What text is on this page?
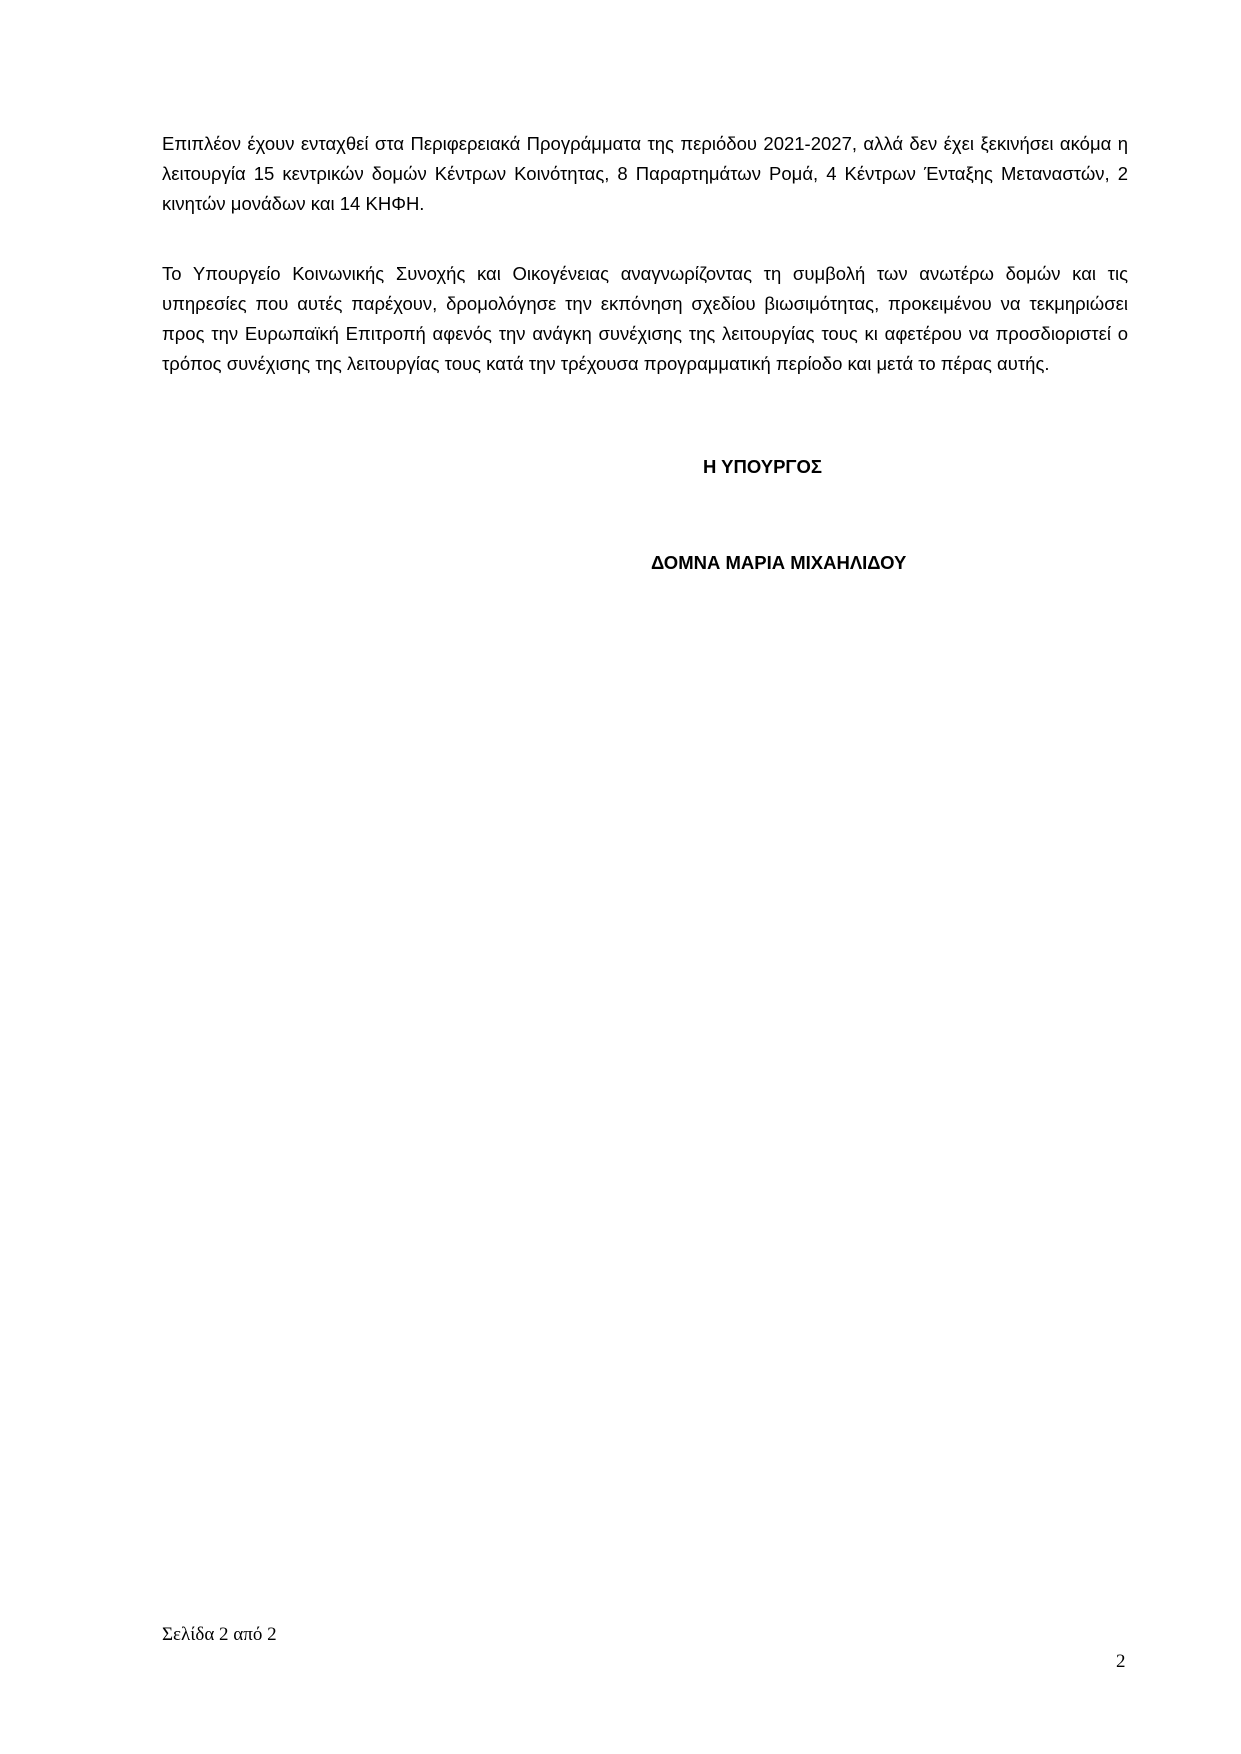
Επιπλέον έχουν ενταχθεί στα Περιφερειακά Προγράμματα της περιόδου 2021-2027, αλλά δεν έχει ξεκινήσει ακόμα η λειτουργία 15 κεντρικών δομών Κέντρων Κοινότητας, 8 Παραρτημάτων Ρομά, 4 Κέντρων Ένταξης Μεταναστών, 2 κινητών μονάδων και 14 ΚΗΦΗ.

Το Υπουργείο Κοινωνικής Συνοχής και Οικογένειας αναγνωρίζοντας τη συμβολή των ανωτέρω δομών και τις υπηρεσίες που αυτές παρέχουν, δρομολόγησε την εκπόνηση σχεδίου βιωσιμότητας, προκειμένου να τεκμηριώσει προς την Ευρωπαϊκή Επιτροπή αφενός την ανάγκη συνέχισης της λειτουργίας τους κι αφετέρου να προσδιοριστεί ο τρόπος συνέχισης της λειτουργίας τους κατά την τρέχουσα προγραμματική περίοδο και μετά το πέρας αυτής.

Η ΥΠΟΥΡΓΟΣ

ΔΟΜΝΑ ΜΑΡΙΑ ΜΙΧΑΗΛΙΔΟΥ

Σελίδα 2 από 2

2
